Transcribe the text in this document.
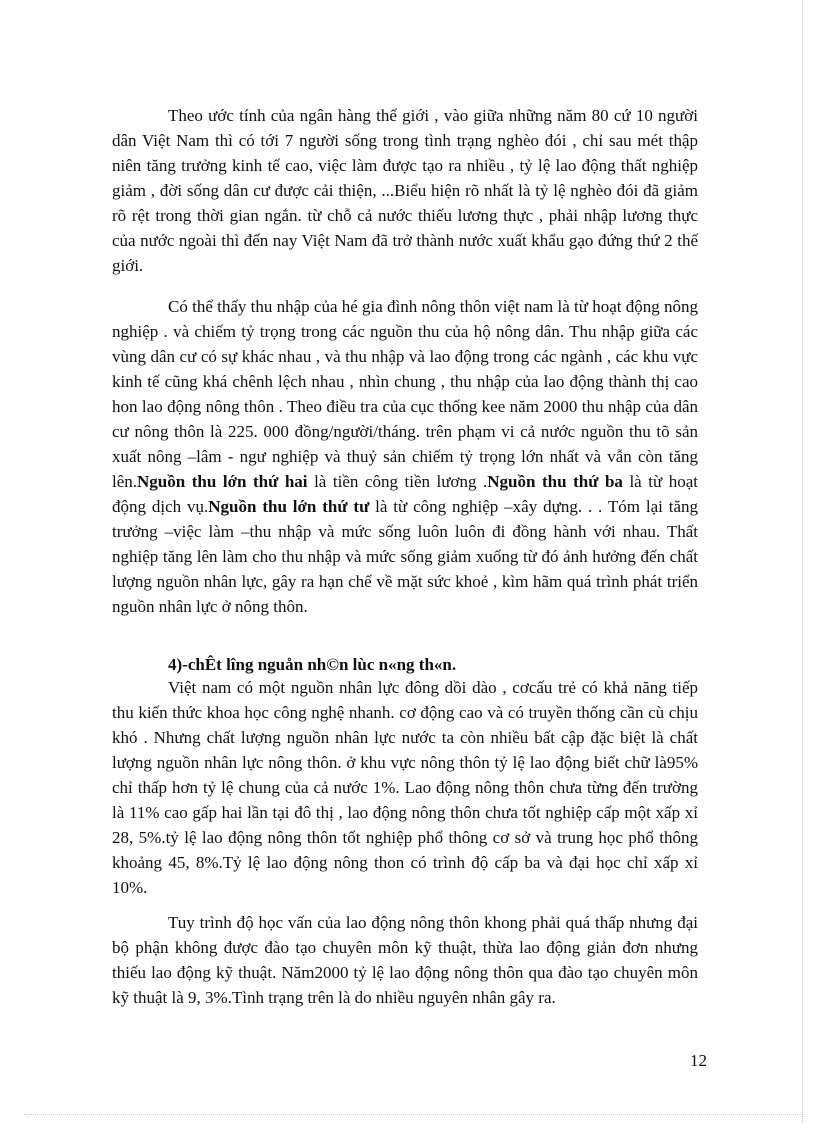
Theo ước tính của ngân hàng thế giới , vào giữa những năm 80 cứ 10 người dân Việt Nam thì có tới 7 người sống trong tình trạng nghèo đói , chỉ sau mét thập niên tăng trưởng kinh tế cao, việc làm được tạo ra nhiều , tỷ lệ lao động thất nghiệp giảm , đời sống dân cư được cải thiện, ...Biểu hiện rõ nhất là tỷ lệ nghèo đói đã giảm rõ rệt trong thời gian ngắn. từ chỗ cả nước thiếu lương thực , phải nhập lương thực của nước ngoài thì đến nay Việt Nam đã trở thành nước xuất khẩu gạo đứng thứ 2 thế giới.

Có thể thấy thu nhập của hé gia đình nông thôn việt nam là từ hoạt động nông nghiệp . và chiếm tỷ trọng trong các nguồn thu của hộ nông dân. Thu nhập giữa các vùng dân cư có sự khác nhau , và thu nhập và lao động trong các ngành , các khu vực kinh tế cũng khá chênh lệch nhau , nhìn chung , thu nhập của lao động thành thị cao hon lao động nông thôn . Theo điều tra của cục thống kee năm 2000 thu nhập của dân cư nông thôn là 225. 000 đồng/người/tháng. trên phạm vi cả nước nguồn thu tõ sản xuất nông –lâm - ngư nghiệp và thuỷ sản chiếm tỷ trọng lớn nhất và vẫn còn tăng lên.Nguồn thu lớn thứ hai là tiền công tiền lương .Nguồn thu thứ ba là từ hoạt động dịch vụ.Nguồn thu lớn thứ tư là từ công nghiệp –xây dựng. . . Tóm lại tăng trưởng –việc làm –thu nhập và mức sống luôn luôn đi đồng hành với nhau. Thất nghiệp tăng lên làm cho thu nhập và mức sống giảm xuống từ đó ảnh hưởng đến chất lượng nguồn nhân lực, gây ra hạn chế về mặt sức khoẻ , kìm hãm quá trình phát triển nguồn nhân lực ở nông thôn.

4)-chÊt lîng nguån nh©n lùc n«ng th«n.

Việt nam có một nguồn nhân lực đông dồi dào , cơcấu trẻ có khả năng tiếp thu kiến thức khoa học công nghệ nhanh. cơ động cao và có truyền thống cần cù chịu khó . Nhưng chất lượng nguồn nhân lực nước ta còn nhiều bất cập đặc biệt là chất lượng nguồn nhân lực nông thôn. ở khu vực nông thôn tỷ lệ lao động biết chữ là95% chỉ thấp hơn tỷ lệ chung của cả nước 1%. Lao động nông thôn chưa từng đến trường là 11% cao gấp hai lần tại đô thị , lao động nông thôn chưa tốt nghiệp cấp một xấp xỉ 28, 5%.tỷ lệ lao động nông thôn tốt nghiệp phổ thông cơ sở và trung học phổ thông khoảng 45, 8%.Tỷ lệ lao động nông thon có trình độ cấp ba và đại học chỉ xấp xỉ 10%.

Tuy trình độ học vấn của lao động nông thôn khong phải quá thấp nhưng đại bộ phận không được đào tạo chuyên môn kỹ thuật, thừa lao động giản đơn nhưng thiếu lao động kỹ thuật. Năm2000 tỷ lệ lao động nông thôn qua đào tạo chuyên môn kỹ thuật là 9, 3%.Tình trạng trên là do nhiều nguyên nhân gây ra.

12
